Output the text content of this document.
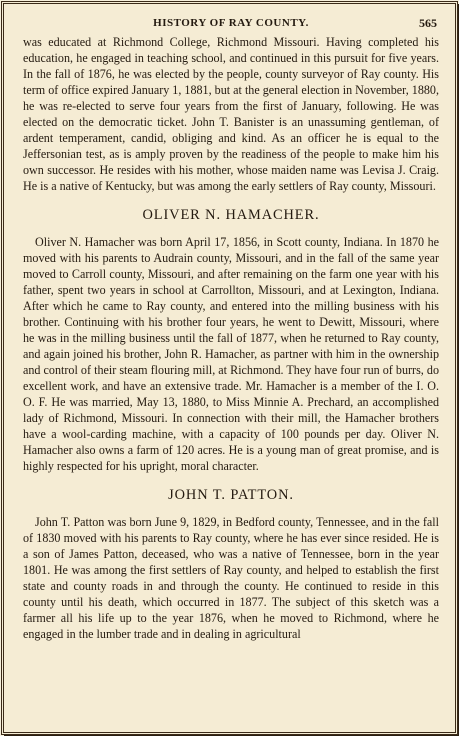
HISTORY OF RAY COUNTY.	565

was educated at Richmond College, Richmond Missouri. Having completed his education, he engaged in teaching school, and continued in this pursuit for five years. In the fall of 1876, he was elected by the people, county surveyor of Ray county. His term of office expired January 1, 1881, but at the general election in November, 1880, he was re-elected to serve four years from the first of January, following. He was elected on the democratic ticket. John T. Banister is an unassuming gentleman, of ardent temperament, candid, obliging and kind. As an officer he is equal to the Jeffersonian test, as is amply proven by the readiness of the people to make him his own successor. He resides with his mother, whose maiden name was Levisa J. Craig. He is a native of Kentucky, but was among the early settlers of Ray county, Missouri.

OLIVER N. HAMACHER.

Oliver N. Hamacher was born April 17, 1856, in Scott county, Indiana. In 1870 he moved with his parents to Audrain county, Missouri, and in the fall of the same year moved to Carroll county, Missouri, and after remaining on the farm one year with his father, spent two years in school at Carrollton, Missouri, and at Lexington, Indiana. After which he came to Ray county, and entered into the milling business with his brother. Continuing with his brother four years, he went to Dewitt, Missouri, where he was in the milling business until the fall of 1877, when he returned to Ray county, and again joined his brother, John R. Hamacher, as partner with him in the ownership and control of their steam flouring mill, at Richmond. They have four run of burrs, do excellent work, and have an extensive trade. Mr. Hamacher is a member of the I. O. O. F. He was married, May 13, 1880, to Miss Minnie A. Prechard, an accomplished lady of Richmond, Missouri. In connection with their mill, the Hamacher brothers have a wool-carding machine, with a capacity of 100 pounds per day. Oliver N. Hamacher also owns a farm of 120 acres. He is a young man of great promise, and is highly respected for his upright, moral character.

JOHN T. PATTON.

John T. Patton was born June 9, 1829, in Bedford county, Tennessee, and in the fall of 1830 moved with his parents to Ray county, where he has ever since resided. He is a son of James Patton, deceased, who was a native of Tennessee, born in the year 1801. He was among the first settlers of Ray county, and helped to establish the first state and county roads in and through the county. He continued to reside in this county until his death, which occurred in 1877. The subject of this sketch was a farmer all his life up to the year 1876, when he moved to Richmond, where he engaged in the lumber trade and in dealing in agricultural
